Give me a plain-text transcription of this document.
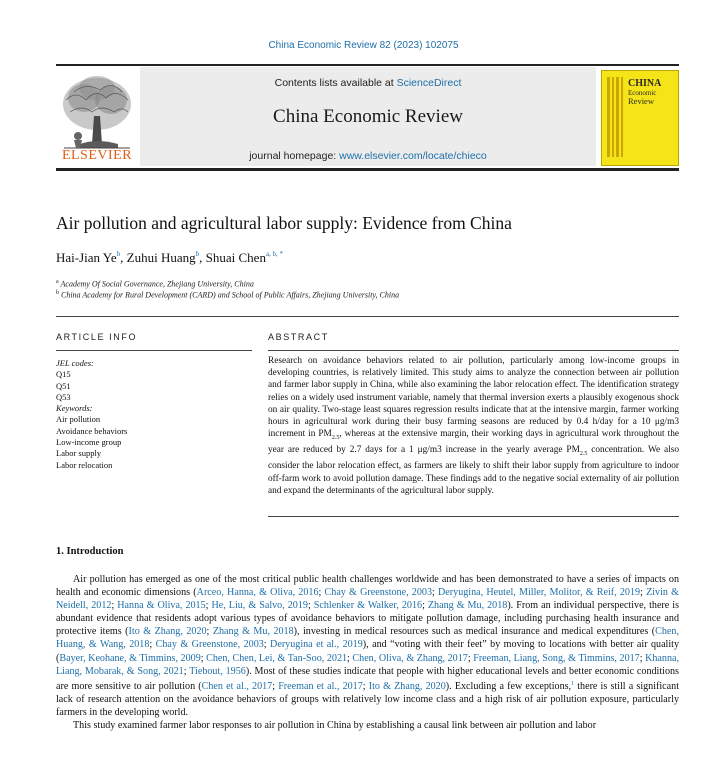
China Economic Review 82 (2023) 102075
ELSEVIER
Contents lists available at ScienceDirect
China Economic Review
journal homepage: www.elsevier.com/locate/chieco
CHINA
Economic
Review
Air pollution and agricultural labor supply: Evidence from China
Hai-Jian Ye$^b$, Zuhui Huang$^b$, Shuai Chen$^{a, b, *}$
$^a$ Academy Of Social Governance, Zhejiang University, China
$^b$ China Academy for Rural Development (CARD) and School of Public Affairs, Zhejiang University, China
ARTICLE INFO	ABSTRACT
JEL codes:
Q15
Q51
Q53
Keywords:
Air pollution
Avoidance behaviors
Low-income group
Labor supply
Labor relocation
Research on avoidance behaviors related to air pollution, particularly among low-income groups in developing countries, is relatively limited. This study aims to analyze the connection between air pollution and farmer labor supply in China, while also examining the labor relocation effect. The identification strategy relies on a widely used instrument variable, namely that thermal inversion exerts a plausibly exogenous shock on air quality. Two-stage least squares regression results indicate that at the intensive margin, farmer working hours in agricultural work during their busy farming seasons are reduced by 0.4 h/day for a 10 μg/m3 increment in $PM_{2.5}$, whereas at the extensive margin, their working days in agricultural work throughout the year are reduced by 2.7 days for a 1 μg/m3 increase in the yearly average $PM_{2.5}$ concentration. We also consider the labor relocation effect, as farmers are likely to shift their labor supply from agriculture to indoor off-farm work to avoid pollution damage. These findings add to the negative social externality of air pollution and expand the determinants of the agricultural labor supply.
1. Introduction

Air pollution has emerged as one of the most critical public health challenges worldwide and has been demonstrated to have a series of impacts on health and economic dimensions (Arceo, Hanna, & Oliva, 2016; Chay & Greenstone, 2003; Deryugina, Heutel, Miller, Molitor, & Reif, 2019; Zivin & Neidell, 2012; Hanna & Oliva, 2015; He, Liu, & Salvo, 2019; Schlenker & Walker, 2016; Zhang & Mu, 2018). From an individual perspective, there is abundant evidence that residents adopt various types of avoidance behaviors to mitigate pollution damage, including purchasing health insurance and protective items (Ito & Zhang, 2020; Zhang & Mu, 2018), investing in medical resources such as medical insurance and medical expenditures (Chen, Huang, & Wang, 2018; Chay & Greenstone, 2003; Deryugina et al., 2019), and “voting with their feet” by moving to locations with better air quality (Bayer, Keohane, & Timmins, 2009; Chen, Chen, Lei, & Tan-Soo, 2021; Chen, Oliva, & Zhang, 2017; Freeman, Liang, Song, & Timmins, 2017; Khanna, Liang, Mobarak, & Song, 2021; Tiebout, 1956). Most of these studies indicate that people with higher educational levels and better economic conditions are more sensitive to air pollution (Chen et al., 2017; Freeman et al., 2017; Ito & Zhang, 2020). Excluding a few exceptions,$^1$ there is still a significant lack of research attention on the avoidance behaviors of groups with relatively low income class and a high risk of air pollution exposure, particularly farmers in the developing world.

This study examined farmer labor responses to air pollution in China by establishing a causal link between air pollution and labor
